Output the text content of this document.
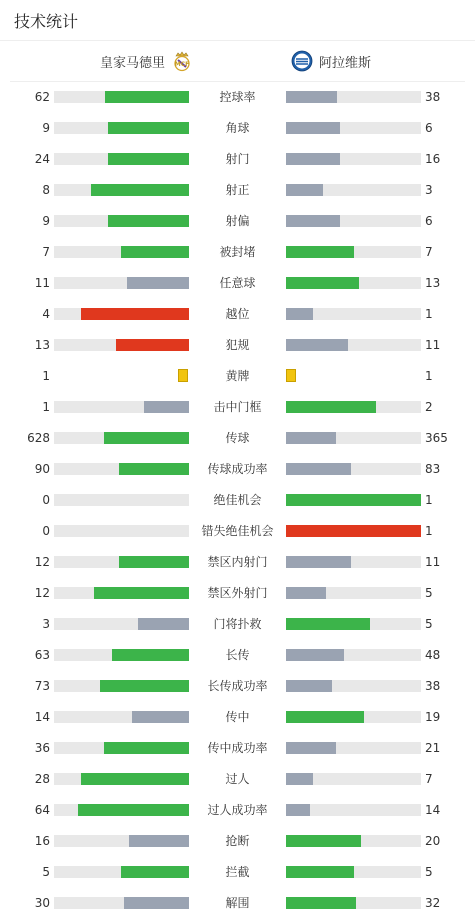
技术统计
皇家马德里 MCF	阿拉维斯
62	控球率	38
9	角球	6
24	射门	16
8	射正	3
9	射偏	6
7	被封堵	7
11	任意球	13
4	越位	1
13	犯规	11
1	黄牌	1
1	击中门框	2
628	传球	365
90	传球成功率	83
0	绝佳机会	1
0	错失绝佳机会	1
12	禁区内射门	11
12	禁区外射门	5
3	门将扑救	5
63	长传	48
73	长传成功率	38
14	传中	19
36	传中成功率	21
28	过人	7
64	过人成功率	14
16	抢断	20
5	拦截	5
30	解围	32
